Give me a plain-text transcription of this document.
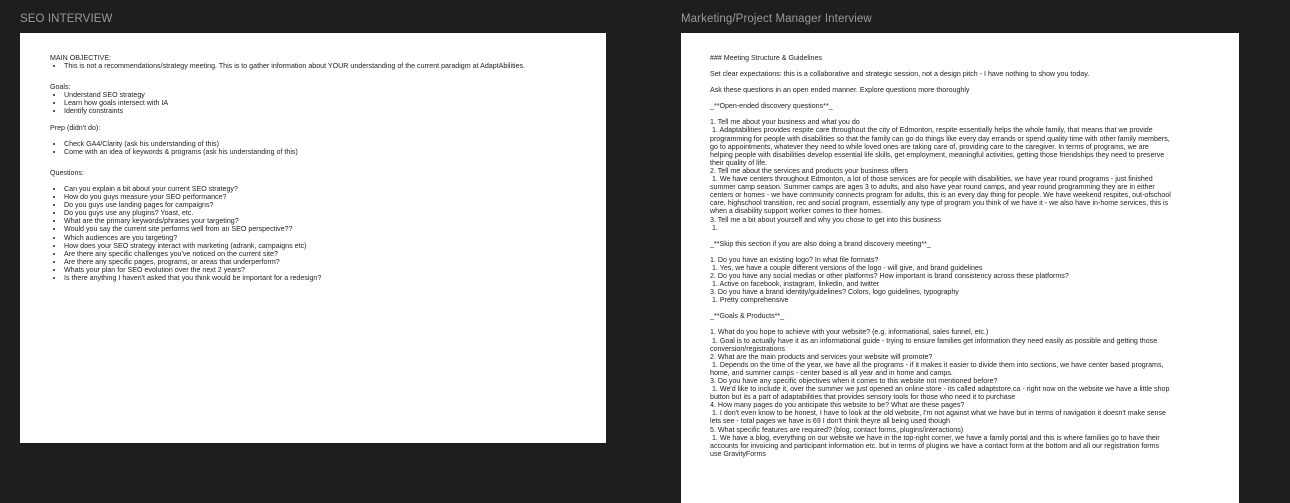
SEO INTERVIEW	Marketing/Project Manager Interview
MAIN OBJECTIVE:
• This is not a recommendations/strategy meeting. This is to gather information about YOUR understanding of the current paradigm at AdaptAbilities.
Goals:
• Understand SEO strategy
• Learn how goals intersect with IA
• Identify constraints
Prep (didn't do):
• Check GA4/Clarity (ask his understanding of this)
• Come with an idea of keywords & programs (ask his understanding of this)
Questions:
• Can you explain a bit about your current SEO strategy?
• How do you guys measure your SEO performance?
• Do you guys use landing pages for campaigns?
• Do you guys use any plugins? Yoast, etc.
• What are the primary keywords/phrases your targeting?
• Would you say the current site performs well from an SEO perspective??
• Which audiences are you targeting?
• How does your SEO strategy interact with marketing (adrank, campaigns etc)
• Are there any specific challenges you've noticed on the current site?
• Are there any specific pages, programs, or areas that underperform?
• Whats your plan for SEO evolution over the next 2 years?
• Is there anything I haven't asked that you think would be important for a redesign?
### Meeting Structure & Guidelines
Set clear expectations: this is a collaborative and strategic session, not a design pitch - I have nothing to show you today.
Ask these questions in an open ended manner. Explore questions more thoroughly
_**Open-ended discovery questions**_
1. Tell me about your business and what you do
1. Adaptabilities provides respite care throughout the city of Edmonton, respite essentially helps the whole family, that means that we provide
programming for people with disabilities so that the family can go do things like every day errands or spend quality time with other family members,
go to appointments, whatever they need to while loved ones are taking care of, providing care to the caregiver. In terms of programs, we are
helping people with disabilities develop essential life skills, get employment, meaningful activities, getting those friendships they need to preserve
their quality of life.
2. Tell me about the services and products your business offers
1. We have centers throughout Edmonton, a lot of those services are for people with disabilities, we have year round programs - just finished
summer camp season. Summer camps are ages 3 to adults, and also have year round camps, and year round programming they are in either
centers or homes - we have community connects program for adults, this is an every day thing for people. We have weekend respites, out-ofschool
care, highschool transition, rec and social program, essentially any type of program you think of we have it - we also have in-home services, this is
when a disability support worker comes to their homes.
3. Tell me a bit about yourself and why you chose to get into this business
1.
_**Skip this section if you are also doing a brand discovery meeting**_
1. Do you have an existing logo? In what file formats?
1. Yes, we have a couple different versions of the logo - will give, and brand guidelines
2. Do you have any social medias or other platforms? How important is brand consistency across these platforms?
1. Active on facebook, instagram, linkedin, and twitter
3. Do you have a brand identity/guidelines? Colors, logo guidelines, typography
1. Pretty comprehensive
_**Goals & Products**_
1. What do you hope to achieve with your website? (e.g. informational, sales funnel, etc.)
1. Goal is to actually have it as an informational guide - trying to ensure families get information they need easily as possible and getting those
conversion/registrations
2. What are the main products and services your website will promote?
1. Depends on the time of the year, we have all the programs - if it makes it easier to divide them into sections, we have center based programs,
home, and summer camps - center based is all year and in home and camps.
3. Do you have any specific objectives when it comes to this website not mentioned before?
1. We'd like to include it, over the summer we just opened an online store - its called adaptstore.ca - right now on the website we have a little shop
button but its a part of adaptabilities that provides sensory tools for those who need it to purchase
4. How many pages do you anticipate this website to be? What are these pages?
1. I don't even know to be honest, I have to look at the old website, I'm not against what we have but in terms of navigation it doesn't make sense
lets see - total pages we have is 69 I don't think theyre all being used though
5. What specific features are required? (blog, contact forms, plugins/interactions)
1. We have a blog, everything on our website we have in the top-right corner, we have a family portal and this is where families go to have their
accounts for invoicing and participant information etc. but in terms of plugins we have a contact form at the bottom and all our registration forms
use GravityForms
